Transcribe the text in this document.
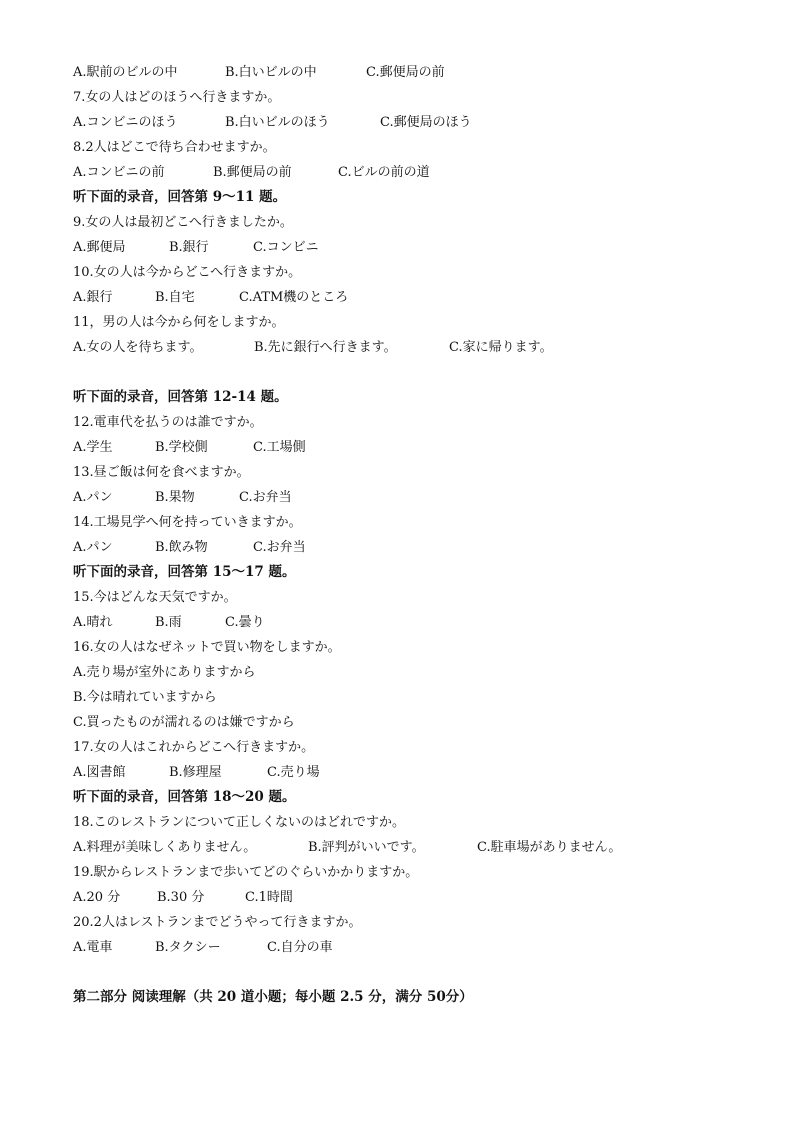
A.駅前のビルの中	B.白いビルの中	C.郵便局の前
7.女の人はどのほうへ行きますか。
A.コンビニのほう	B.白いビルのほう	C.郵便局のほう
8.2人はどこで待ち合わせますか。
A.コンビニの前	B.郵便局の前	C.ビルの前の道
听下面的录音，回答第 9～11 题。
9.女の人は最初どこへ行きましたか。
A.郵便局	B.銀行	C.コンビニ
10.女の人は今からどこへ行きますか。
A.銀行	B.自宅	C.ATM機のところ
11，男の人は今から何をしますか。
A.女の人を待ちます。	B.先に銀行へ行きます。	C.家に帰ります。
听下面的录音，回答第 12-14 题。
12.電車代を払うのは誰ですか。
A.学生	B.学校側	C.工場側
13.昼ご飯は何を食べますか。
A.パン	B.果物	C.お弁当
14.工場見学へ何を持っていきますか。
A.パン	B.飲み物	C.お弁当
听下面的录音，回答第 15～17 题。
15.今はどんな天気ですか。
A.晴れ	B.雨	C.曇り
16.女の人はなぜネットで買い物をしますか。
A.売り場が室外にありますから
B.今は晴れていますから
C.買ったものが濡れるのは嫌ですから
17.女の人はこれからどこへ行きますか。
A.図書館	B.修理屋	C.売り場
听下面的录音，回答第 18～20 题。
18.このレストランについて正しくないのはどれですか。
A.料理が美味しくありません。	B.評判がいいです。	C.駐車場がありません。
19.駅からレストランまで歩いてどのぐらいかかりますか。
A.20 分	B.30 分	C.1時間
20.2人はレストランまでどうやって行きますか。
A.電車	B.タクシー	C.自分の車
第二部分 阅读理解（共 20 道小题；每小题 2.5 分，满分 50分）
